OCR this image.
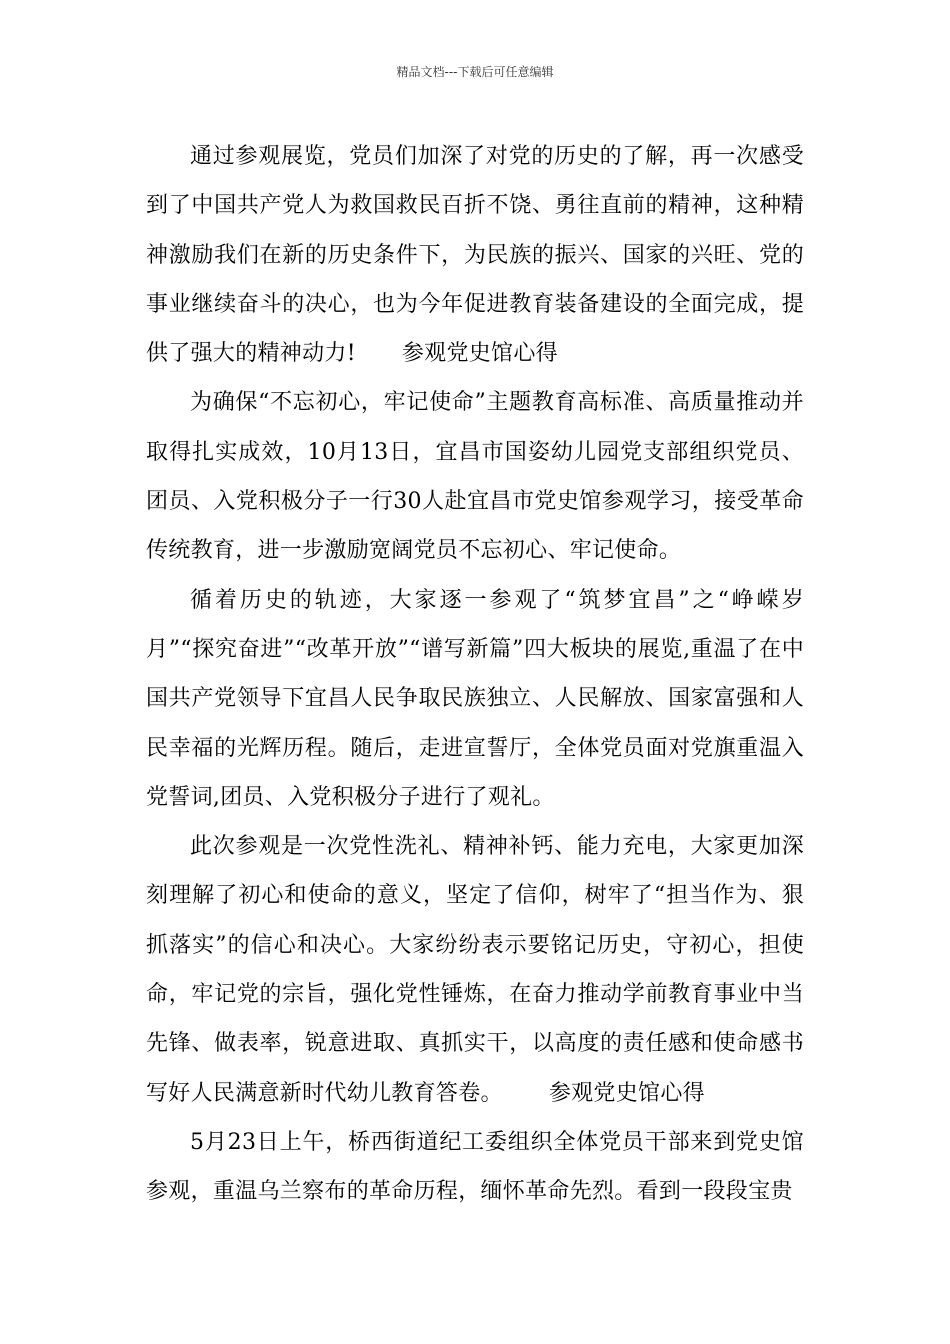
精品文档---下载后可任意编辑

通过参观展览，党员们加深了对党的历史的了解，再一次感受到了中国共产党人为救国救民百折不饶、勇往直前的精神，这种精神激励我们在新的历史条件下，为民族的振兴、国家的兴旺、党的事业继续奋斗的决心，也为今年促进教育装备建设的全面完成，提供了强大的精神动力! 参观党史馆心得

为确保“不忘初心，牢记使命”主题教育高标准、高质量推动并取得扎实成效，10月13日，宜昌市国姿幼儿园党支部组织党员、团员、入党积极分子一行30人赴宜昌市党史馆参观学习，接受革命传统教育，进一步激励宽阔党员不忘初心、牢记使命。

循着历史的轨迹，大家逐一参观了“筑梦宜昌”之“峥嵘岁月”“探究奋进”“改革开放”“谱写新篇”四大板块的展览,重温了在中国共产党领导下宜昌人民争取民族独立、人民解放、国家富强和人民幸福的光辉历程。随后，走进宣誓厅，全体党员面对党旗重温入党誓词,团员、入党积极分子进行了观礼。

此次参观是一次党性洗礼、精神补钙、能力充电，大家更加深刻理解了初心和使命的意义，坚定了信仰，树牢了“担当作为、狠抓落实”的信心和决心。大家纷纷表示要铭记历史，守初心，担使命，牢记党的宗旨，强化党性锤炼，在奋力推动学前教育事业中当先锋、做表率，锐意进取、真抓实干，以高度的责任感和使命感书写好人民满意新时代幼儿教育答卷。 参观党史馆心得

5月23日上午，桥西街道纪工委组织全体党员干部来到党史馆参观，重温乌兰察布的革命历程，缅怀革命先烈。看到一段段宝贵
